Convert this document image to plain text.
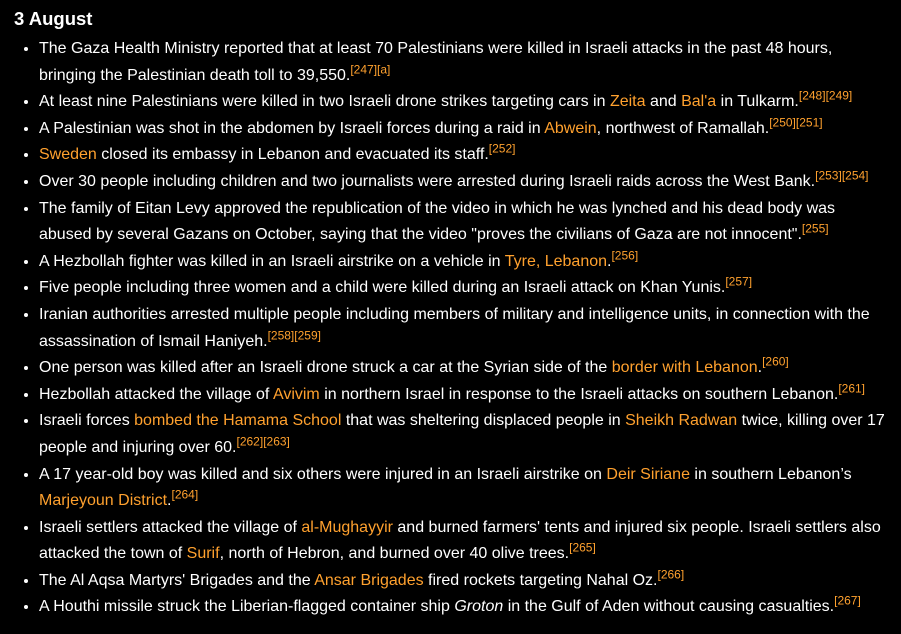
3 August
• The Gaza Health Ministry reported that at least 70 Palestinians were killed in Israeli attacks in the past 48 hours, bringing the Palestinian death toll to 39,550.[247][a]
• At least nine Palestinians were killed in two Israeli drone strikes targeting cars in Zeita and Bal'a in Tulkarm.[248][249]
• A Palestinian was shot in the abdomen by Israeli forces during a raid in Abwein, northwest of Ramallah.[250][251]
• Sweden closed its embassy in Lebanon and evacuated its staff.[252]
• Over 30 people including children and two journalists were arrested during Israeli raids across the West Bank.[253][254]
• The family of Eitan Levy approved the republication of the video in which he was lynched and his dead body was abused by several Gazans on October, saying that the video "proves the civilians of Gaza are not innocent".[255]
• A Hezbollah fighter was killed in an Israeli airstrike on a vehicle in Tyre, Lebanon.[256]
• Five people including three women and a child were killed during an Israeli attack on Khan Yunis.[257]
• Iranian authorities arrested multiple people including members of military and intelligence units, in connection with the assassination of Ismail Haniyeh.[258][259]
• One person was killed after an Israeli drone struck a car at the Syrian side of the border with Lebanon.[260]
• Hezbollah attacked the village of Avivim in northern Israel in response to the Israeli attacks on southern Lebanon.[261]
• Israeli forces bombed the Hamama School that was sheltering displaced people in Sheikh Radwan twice, killing over 17 people and injuring over 60.[262][263]
• A 17 year-old boy was killed and six others were injured in an Israeli airstrike on Deir Siriane in southern Lebanon’s Marjeyoun District.[264]
• Israeli settlers attacked the village of al-Mughayyir and burned farmers' tents and injured six people. Israeli settlers also attacked the town of Surif, north of Hebron, and burned over 40 olive trees.[265]
• The Al Aqsa Martyrs' Brigades and the Ansar Brigades fired rockets targeting Nahal Oz.[266]
• A Houthi missile struck the Liberian-flagged container ship Groton in the Gulf of Aden without causing casualties.[267]
